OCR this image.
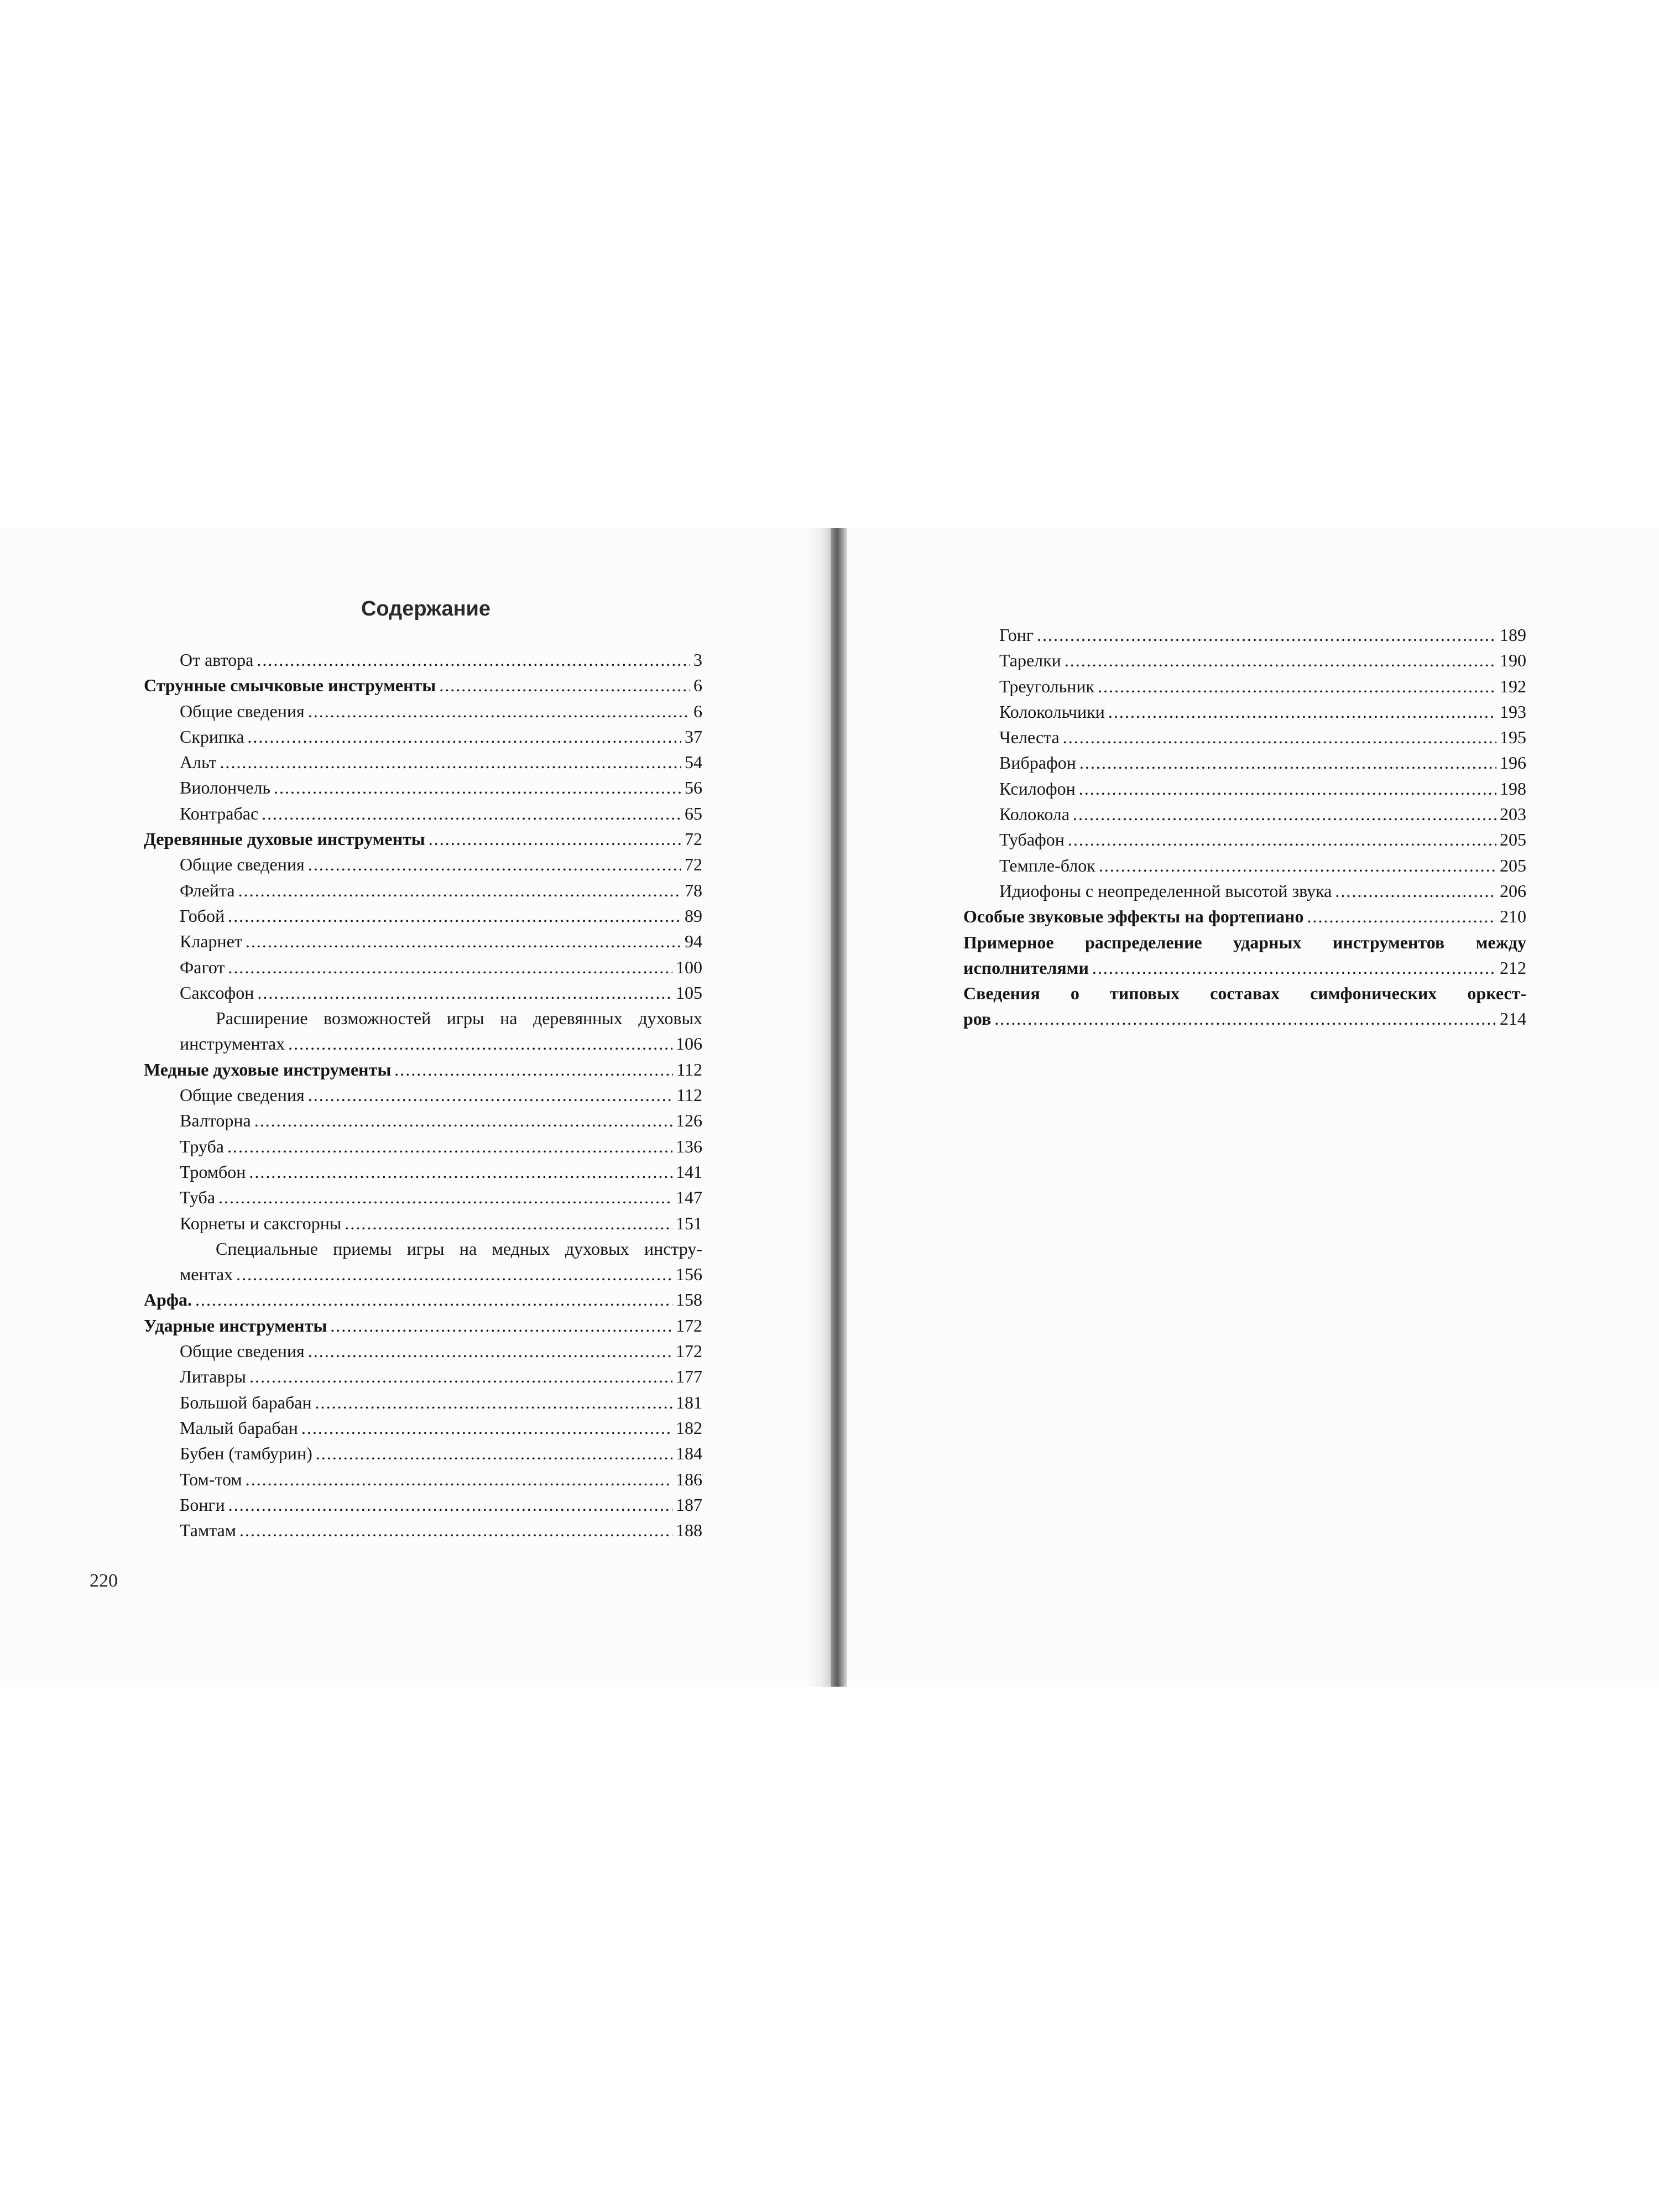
Содержание
От автора .....	3
Струнные смычковые инструменты .....	6
Общие сведения .....	6
Скрипка .....	37
Альт .....	54
Виолончель .....	56
Контрабас .....	65
Деревянные духовые инструменты .....	72
Общие сведения .....	72
Флейта .....	78
Гобой .....	89
Кларнет .....	94
Фагот .....	100
Саксофон .....	105
Расширение возможностей игры на деревянных духовых
инструментах .....	106
Медные духовые инструменты .....	112
Общие сведения .....	112
Валторна .....	126
Труба .....	136
Тромбон .....	141
Туба .....	147
Корнеты и саксгорны .....	151
Специальные приемы игры на медных духовых инстру-
ментах .....	156
Арфа. .....	158
Ударные инструменты .....	172
Общие сведения .....	172
Литавры .....	177
Большой барабан .....	181
Малый барабан .....	182
Бубен (тамбурин) .....	184
Том-том .....	186
Бонги .....	187
Тамтам .....	188
220
Гонг .....	189
Тарелки .....	190
Треугольник .....	192
Колокольчики .....	193
Челеста .....	195
Вибрафон .....	196
Ксилофон .....	198
Колокола .....	203
Тубафон .....	205
Темпле-блок .....	205
Идиофоны с неопределенной высотой звука .....	206
Особые звуковые эффекты на фортепиано .....	210
Примерное распределение ударных инструментов между
исполнителями .....	212
Сведения о типовых составах симфонических оркест-
ров .....	214
